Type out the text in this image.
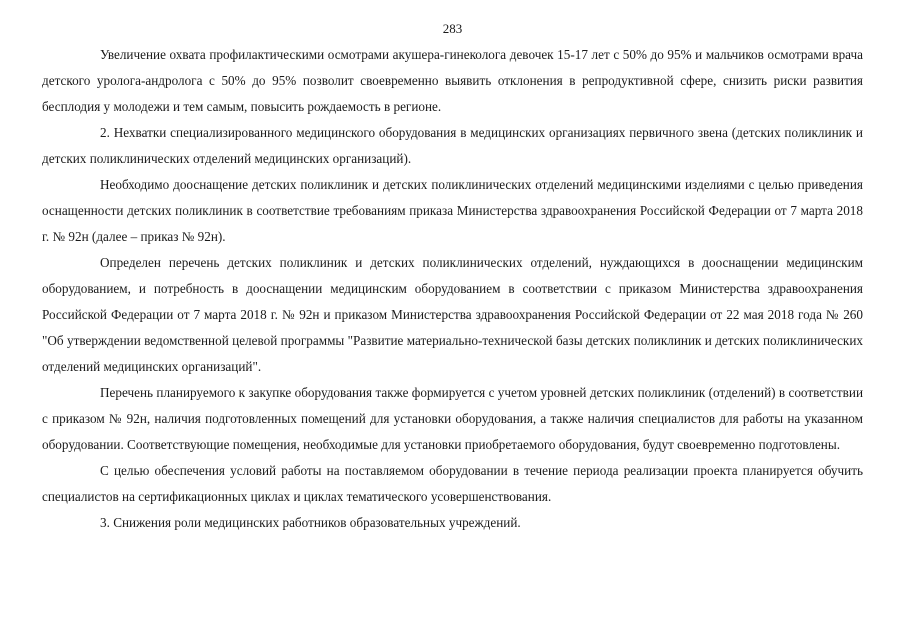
283

Увеличение охвата профилактическими осмотрами акушера-гинеколога девочек 15-17 лет с 50% до 95% и мальчиков осмотрами врача детского уролога-андролога с 50% до 95% позволит своевременно выявить отклонения в репродуктивной сфере, снизить риски развития бесплодия у молодежи и тем самым, повысить рождаемость в регионе.

2. Нехватки специализированного медицинского оборудования в медицинских организациях первичного звена (детских поликлиник и детских поликлинических отделений медицинских организаций).

Необходимо дооснащение детских поликлиник и детских поликлинических отделений медицинскими изделиями с целью приведения оснащенности детских поликлиник в соответствие требованиям приказа Министерства здравоохранения Российской Федерации от 7 марта 2018 г. № 92н (далее – приказ № 92н).

Определен перечень детских поликлиник и детских поликлинических отделений, нуждающихся в дооснащении медицинским оборудованием, и потребность в дооснащении медицинским оборудованием в соответствии с приказом Министерства здравоохранения Российской Федерации от 7 марта 2018 г. № 92н и приказом Министерства здравоохранения Российской Федерации от 22 мая 2018 года № 260 "Об утверждении ведомственной целевой программы "Развитие материально-технической базы детских поликлиник и детских поликлинических отделений медицинских организаций".

Перечень планируемого к закупке оборудования также формируется с учетом уровней детских поликлиник (отделений) в соответствии с приказом № 92н, наличия подготовленных помещений для установки оборудования, а также наличия специалистов для работы на указанном оборудовании. Соответствующие помещения, необходимые для установки приобретаемого оборудования, будут своевременно подготовлены.

С целью обеспечения условий работы на поставляемом оборудовании в течение периода реализации проекта планируется обучить специалистов на сертификационных циклах и циклах тематического усовершенствования.

3. Снижения роли медицинских работников образовательных учреждений.
